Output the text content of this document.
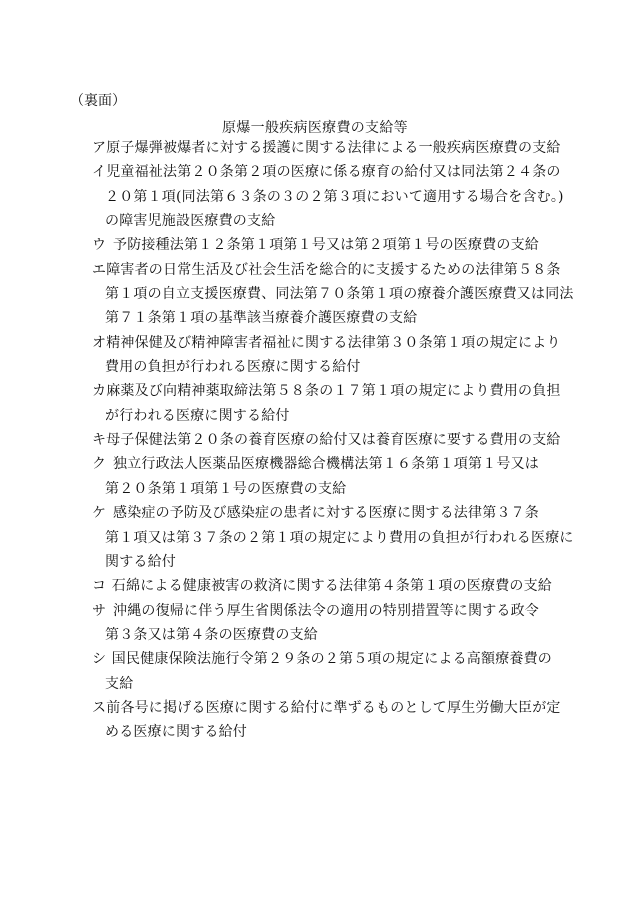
（裏面）
原爆一般疾病医療費の支給等
ア 原子爆弾被爆者に対する援護に関する法律による一般疾病医療費の支給
イ 児童福祉法第２０条第２項の医療に係る療育の給付又は同法第２４条の
２０第１項(同法第６３条の３の２第３項において適用する場合を含む。)
の障害児施設医療費の支給
ウ 予防接種法第１２条第１項第１号又は第２項第１号の医療費の支給
エ 障害者の日常生活及び社会生活を総合的に支援するための法律第５８条
第１項の自立支援医療費、同法第７０条第１項の療養介護医療費又は同法
第７１条第１項の基準該当療養介護医療費の支給
オ 精神保健及び精神障害者福祉に関する法律第３０条第１項の規定により
費用の負担が行われる医療に関する給付
カ 麻薬及び向精神薬取締法第５８条の１７第１項の規定により費用の負担
が行われる医療に関する給付
キ 母子保健法第２０条の養育医療の給付又は養育医療に要する費用の支給
ク 独立行政法人医薬品医療機器総合機構法第１６条第１項第１号又は
第２０条第１項第１号の医療費の支給
ケ 感染症の予防及び感染症の患者に対する医療に関する法律第３７条
第１項又は第３７条の２第１項の規定により費用の負担が行われる医療に
関する給付
コ 石綿による健康被害の救済に関する法律第４条第１項の医療費の支給
サ 沖縄の復帰に伴う厚生省関係法令の適用の特別措置等に関する政令
第３条又は第４条の医療費の支給
シ 国民健康保険法施行令第２９条の２第５項の規定による高額療養費の
支給
ス 前各号に掲げる医療に関する給付に準ずるものとして厚生労働大臣が定
める医療に関する給付
